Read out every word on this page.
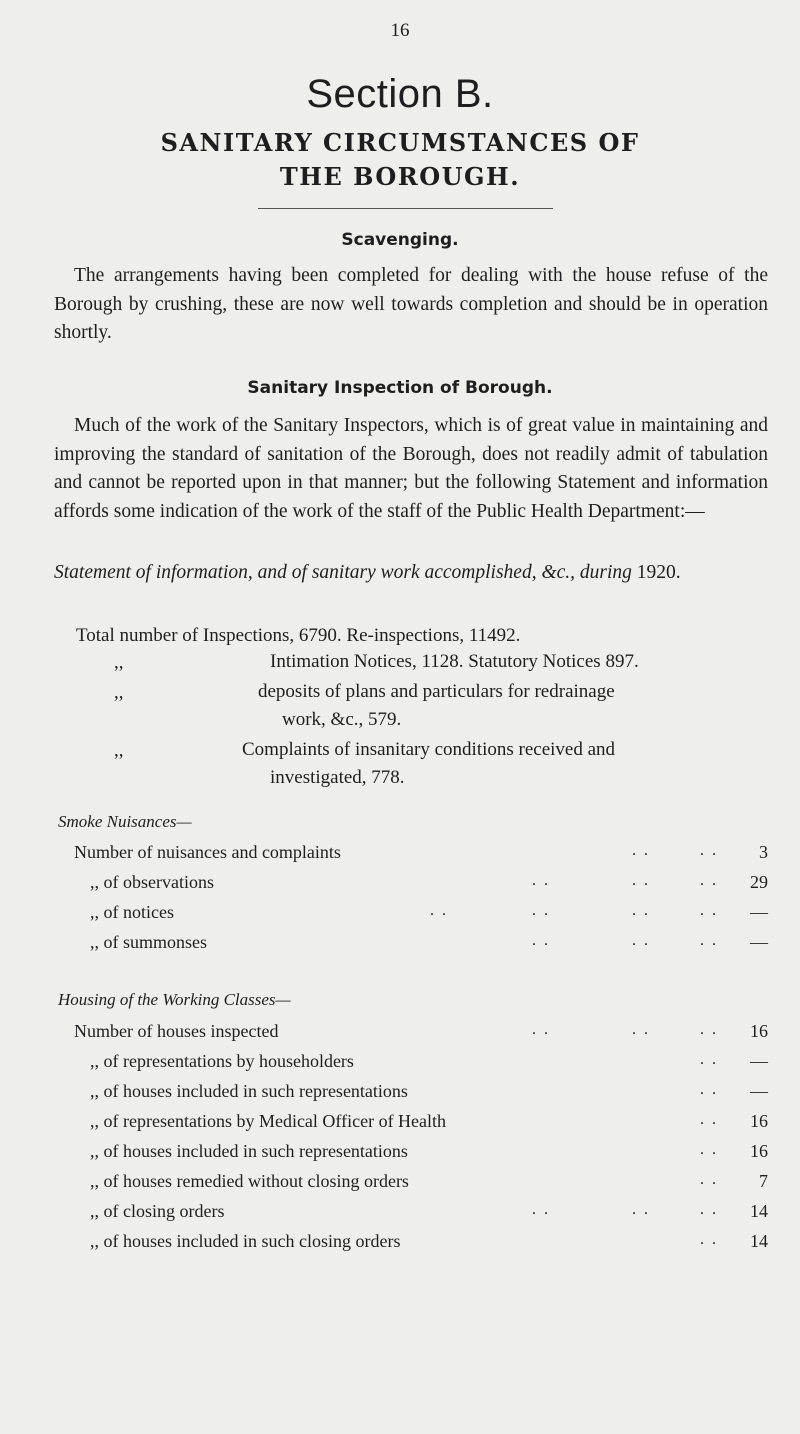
16
Section B.
SANITARY CIRCUMSTANCES OF
THE BOROUGH.
Scavenging.

The arrangements having been completed for dealing with the house refuse of the Borough by crushing, these are now well towards completion and should be in operation shortly.

Sanitary Inspection of Borough.

Much of the work of the Sanitary Inspectors, which is of great value in maintaining and improving the standard of sanitation of the Borough, does not readily admit of tabulation and cannot be reported upon in that manner; but the following Statement and information affords some indication of the work of the staff of the Public Health Department:—

Statement of information, and of sanitary work accomplished, &c., during 1920.

Total number of Inspections, 6790. Re-inspections, 11492.

,,	Intimation Notices, 1128. Statutory Notices 897.

,,	deposits of plans and particulars for redrainage

work, &c., 579.

,,	Complaints of insanitary conditions received and

investigated, 778.

Smoke Nuisances—
Number of nuisances and complaints	. .	. .	3
,, of observations	. .	. .	. .	29
,, of notices	. .	. .	. .	. .	—
,, of summonses	. .	. .	. .	—
Housing of the Working Classes—
Number of houses inspected	. .	. .	. .	16
,, of representations by householders	. .	—
,, of houses included in such representations	. .	—
,, of representations by Medical Officer of Health	. .	16
,, of houses included in such representations	. .	16
,, of houses remedied without closing orders	. .	7
,, of closing orders	. .	. .	. .	14
,, of houses included in such closing orders	. .	14
